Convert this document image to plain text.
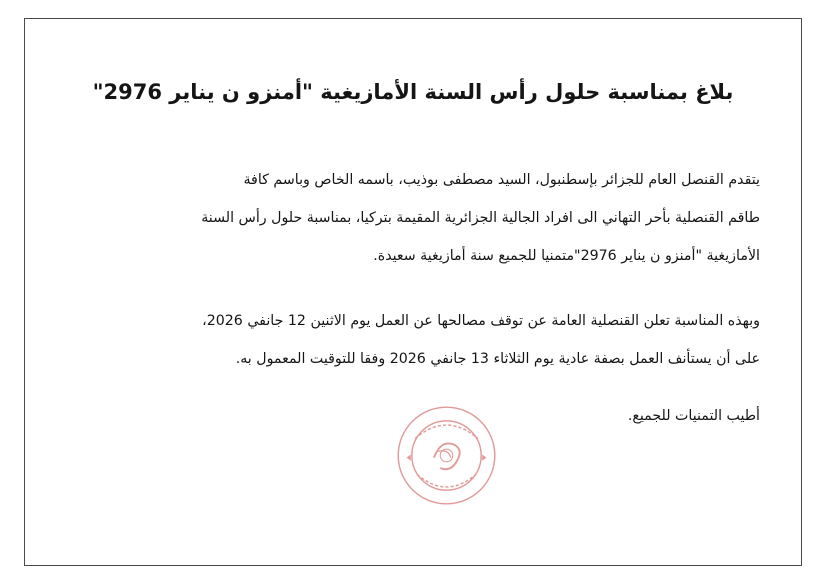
بلاغ بمناسبة حلول رأس السنة الأمازيغية "أمنزو ن يناير 2976"

يتقدم القنصل العام للجزائر بإسطنبول، السيد مصطفى بوذيب، باسمه الخاص وباسم كافة
طاقم القنصلية بأحر التهاني الى افراد الجالية الجزائرية المقيمة بتركيا، بمناسبة حلول رأس السنة
الأمازيغية "أمنزو ن يناير 2976"متمنيا للجميع سنة أمازيغية سعيدة.

وبهذه المناسبة تعلن القنصلية العامة عن توقف مصالحها عن العمل يوم الاثنين 12 جانفي 2026،
على أن يستأنف العمل بصفة عادية يوم الثلاثاء 13 جانفي 2026 وفقا للتوقيت المعمول به.

أطيب التمنيات للجميع.
